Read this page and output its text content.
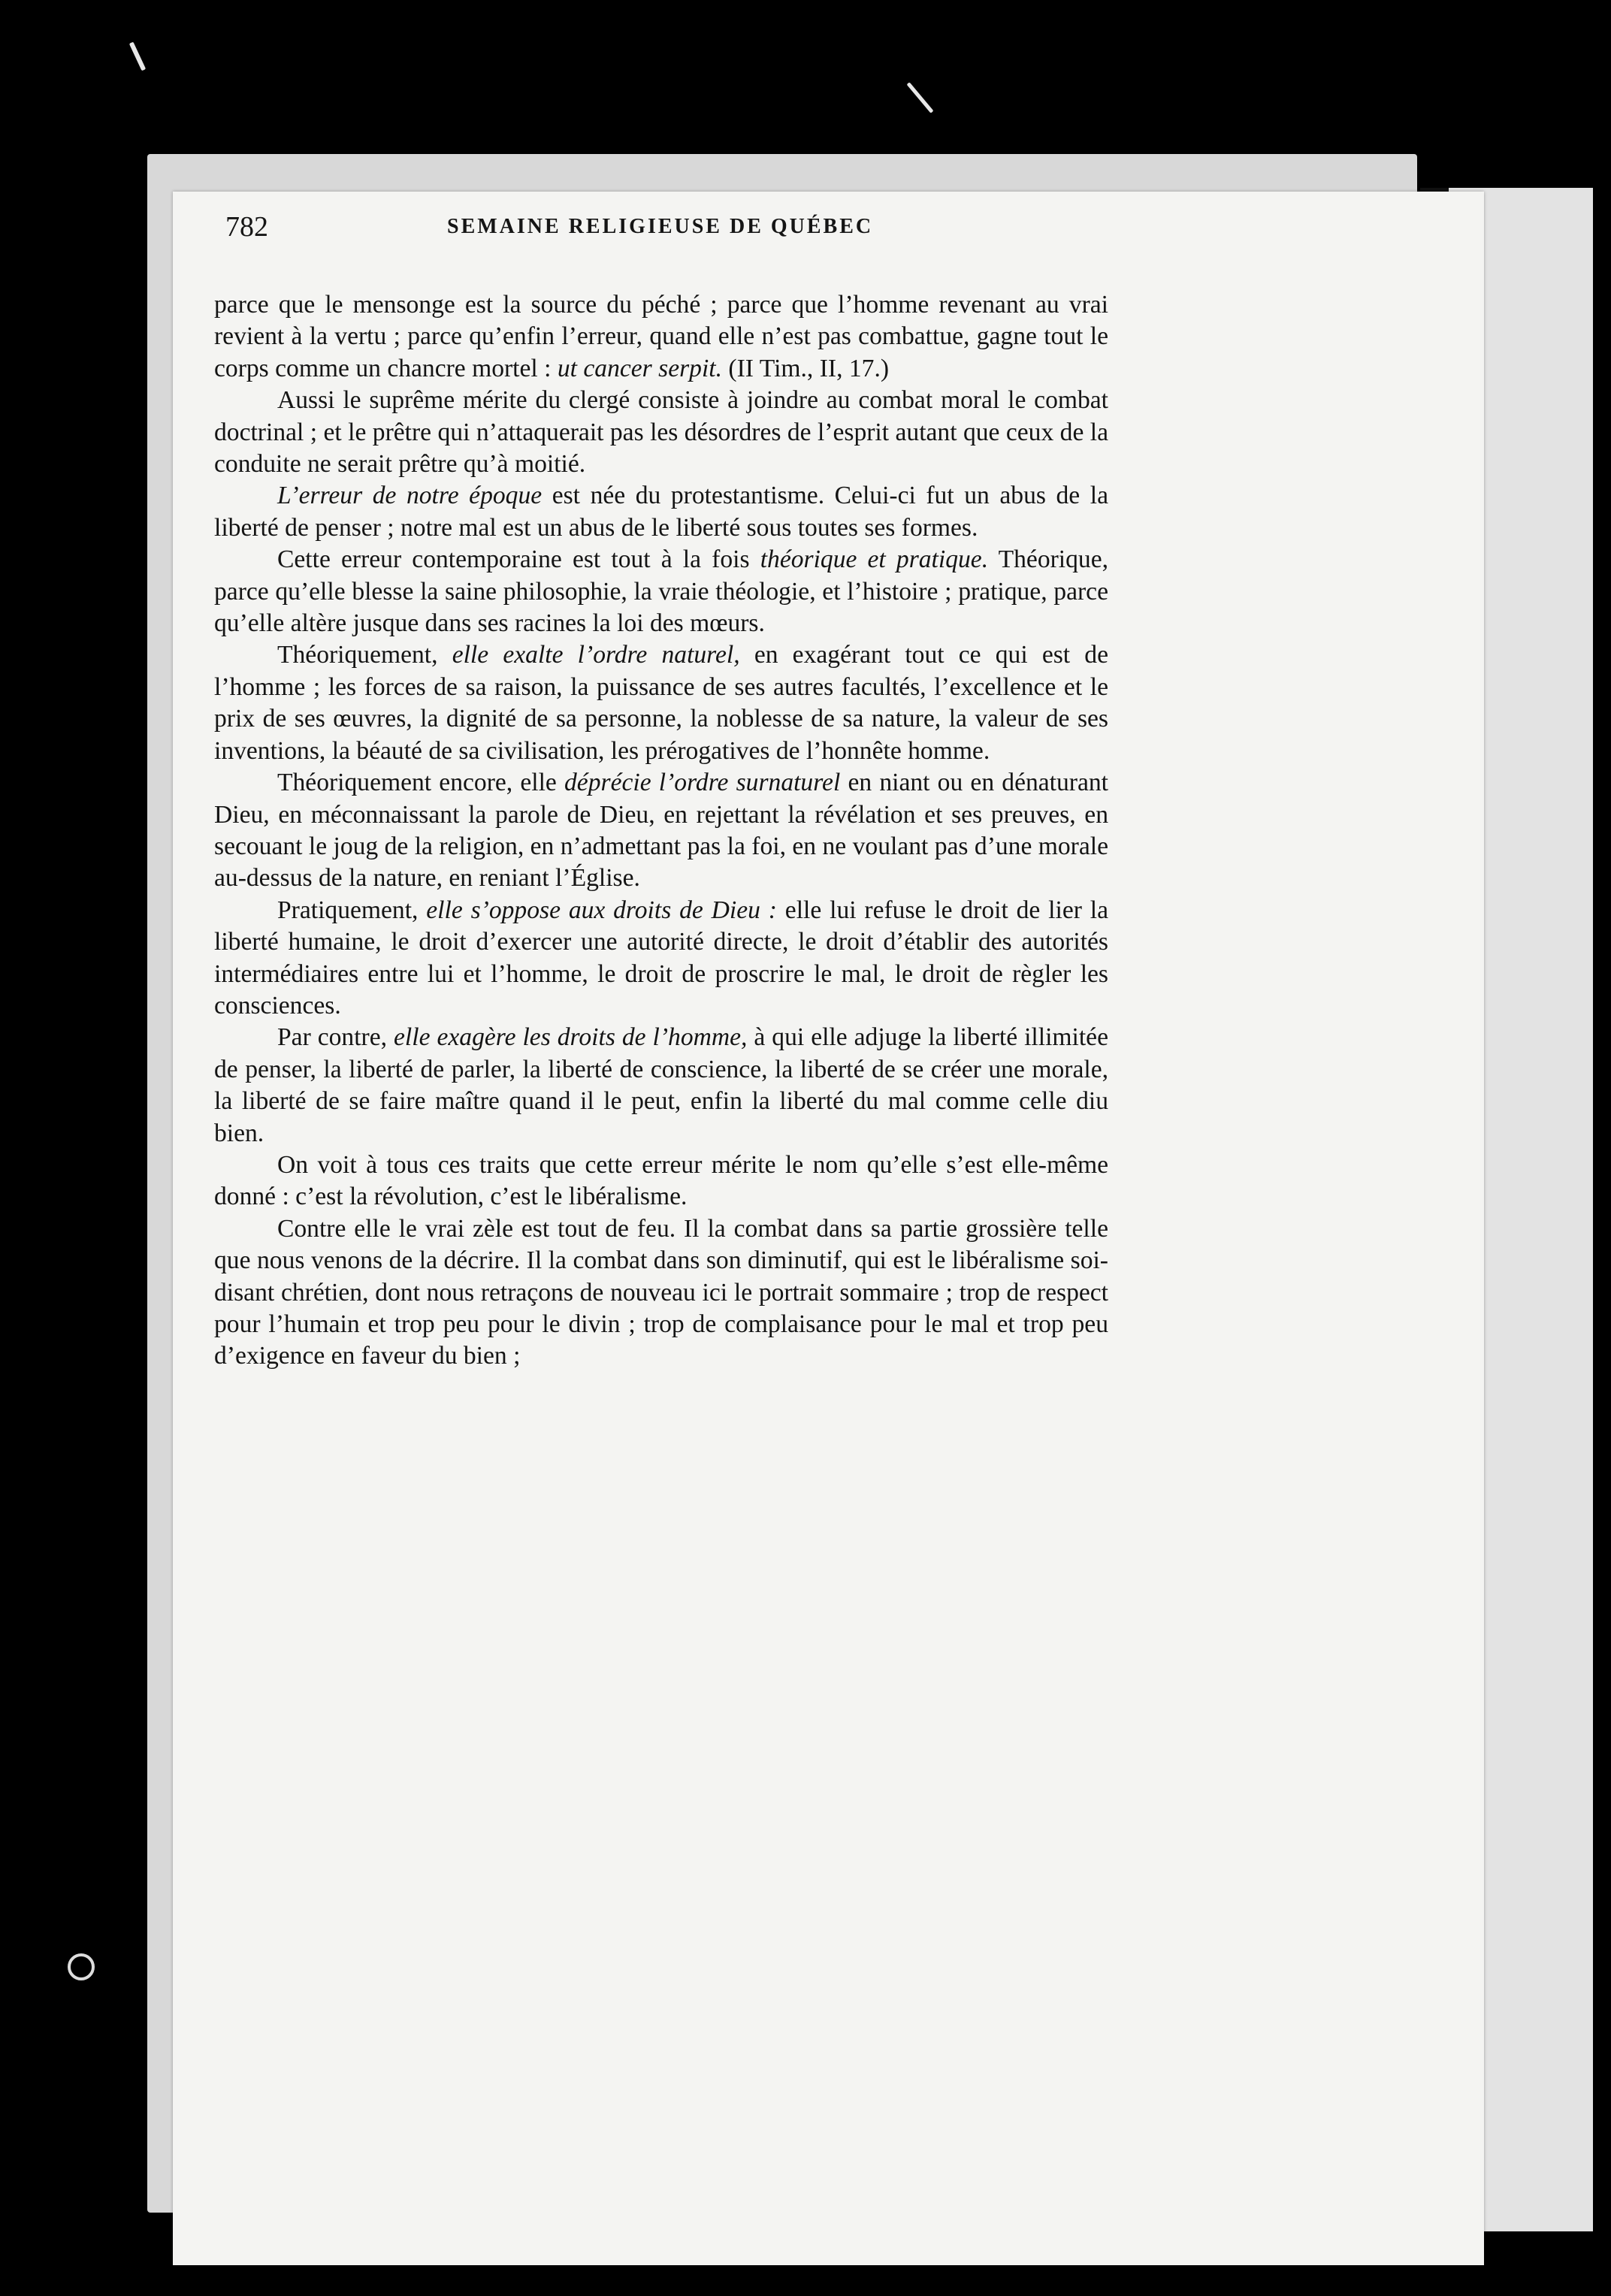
782	SEMAINE RELIGIEUSE DE QUÉBEC

parce que le mensonge est la source du péché ; parce que l’homme revenant au vrai revient à la vertu ; parce qu’enfin l’erreur, quand elle n’est pas combattue, gagne tout le corps comme un chancre mortel : ut cancer serpit. (II Tim., II, 17.)

Aussi le suprême mérite du clergé consiste à joindre au combat moral le combat doctrinal ; et le prêtre qui n’attaquerait pas les désordres de l’esprit autant que ceux de la conduite ne serait prêtre qu’à moitié.

L’erreur de notre époque est née du protestantisme. Celui-ci fut un abus de la liberté de penser ; notre mal est un abus de le liberté sous toutes ses formes.

Cette erreur contemporaine est tout à la fois théorique et pratique. Théorique, parce qu’elle blesse la saine philosophie, la vraie théologie, et l’histoire ; pratique, parce qu’elle altère jusque dans ses racines la loi des mœurs.

Théoriquement, elle exalte l’ordre naturel, en exagérant tout ce qui est de l’homme ; les forces de sa raison, la puissance de ses autres facultés, l’excellence et le prix de ses œuvres, la dignité de sa personne, la noblesse de sa nature, la valeur de ses inventions, la béauté de sa civilisation, les prérogatives de l’honnête homme.

Théoriquement encore, elle déprécie l’ordre surnaturel en niant ou en dénaturant Dieu, en méconnaissant la parole de Dieu, en rejettant la révélation et ses preuves, en secouant le joug de la religion, en n’admettant pas la foi, en ne voulant pas d’une morale au-dessus de la nature, en reniant l’Église.

Pratiquement, elle s’oppose aux droits de Dieu : elle lui refuse le droit de lier la liberté humaine, le droit d’exercer une autorité directe, le droit d’établir des autorités intermédiaires entre lui et l’homme, le droit de proscrire le mal, le droit de règler les consciences.

Par contre, elle exagère les droits de l’homme, à qui elle adjuge la liberté illimitée de penser, la liberté de parler, la liberté de conscience, la liberté de se créer une morale, la liberté de se faire maître quand il le peut, enfin la liberté du mal comme celle diu bien.

On voit à tous ces traits que cette erreur mérite le nom qu’elle s’est elle-même donné : c’est la révolution, c’est le libéralisme.

Contre elle le vrai zèle est tout de feu. Il la combat dans sa partie grossière telle que nous venons de la décrire. Il la combat dans son diminutif, qui est le libéralisme soi-disant chrétien, dont nous retraçons de nouveau ici le portrait sommaire ; trop de respect pour l’humain et trop peu pour le divin ; trop de complaisance pour le mal et trop peu d’exigence en faveur du bien ;
